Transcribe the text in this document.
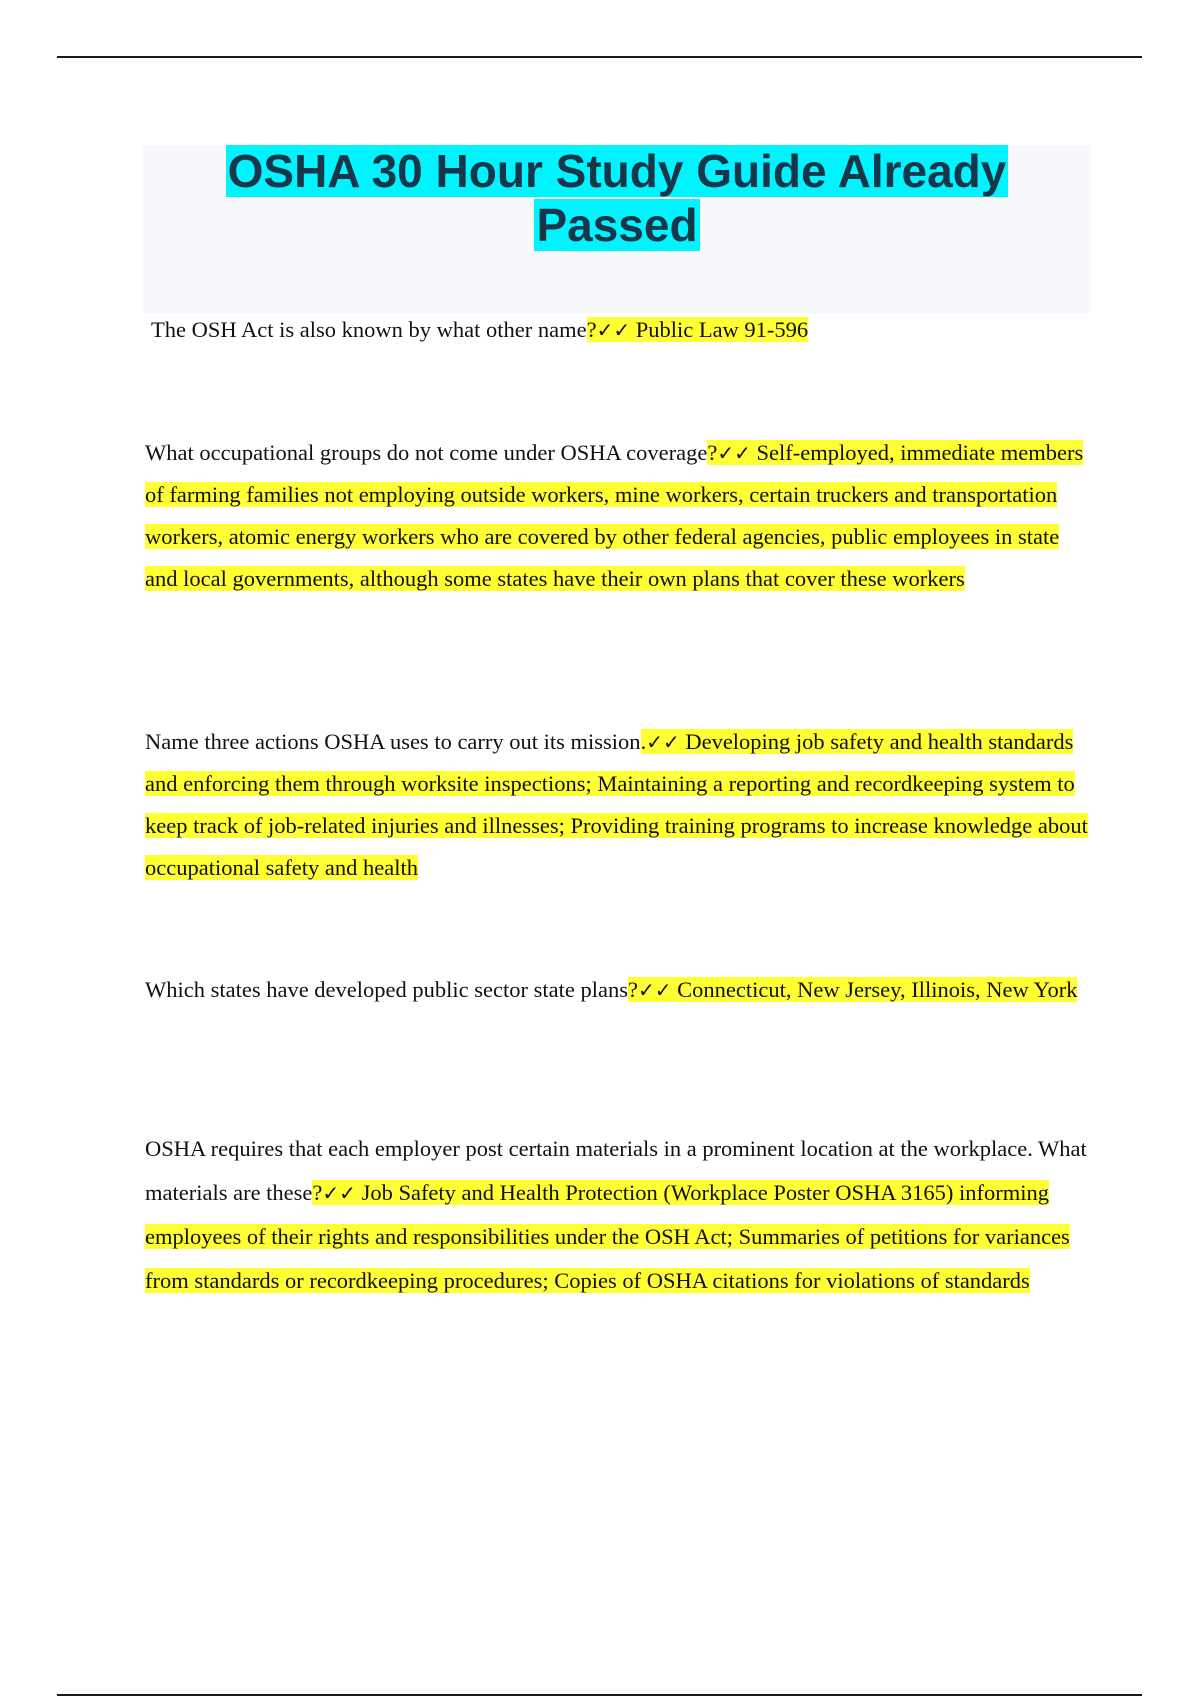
OSHA 30 Hour Study Guide Already Passed

The OSH Act is also known by what other name?✓✓ Public Law 91-596

What occupational groups do not come under OSHA coverage?✓✓ Self-employed, immediate members of farming families not employing outside workers, mine workers, certain truckers and transportation workers, atomic energy workers who are covered by other federal agencies, public employees in state and local governments, although some states have their own plans that cover these workers

Name three actions OSHA uses to carry out its mission.✓✓ Developing job safety and health standards and enforcing them through worksite inspections; Maintaining a reporting and recordkeeping system to keep track of job-related injuries and illnesses; Providing training programs to increase knowledge about occupational safety and health

Which states have developed public sector state plans?✓✓ Connecticut, New Jersey, Illinois, New York

OSHA requires that each employer post certain materials in a prominent location at the workplace. What materials are these?✓✓ Job Safety and Health Protection (Workplace Poster OSHA 3165) informing employees of their rights and responsibilities under the OSH Act; Summaries of petitions for variances from standards or recordkeeping procedures; Copies of OSHA citations for violations of standards
